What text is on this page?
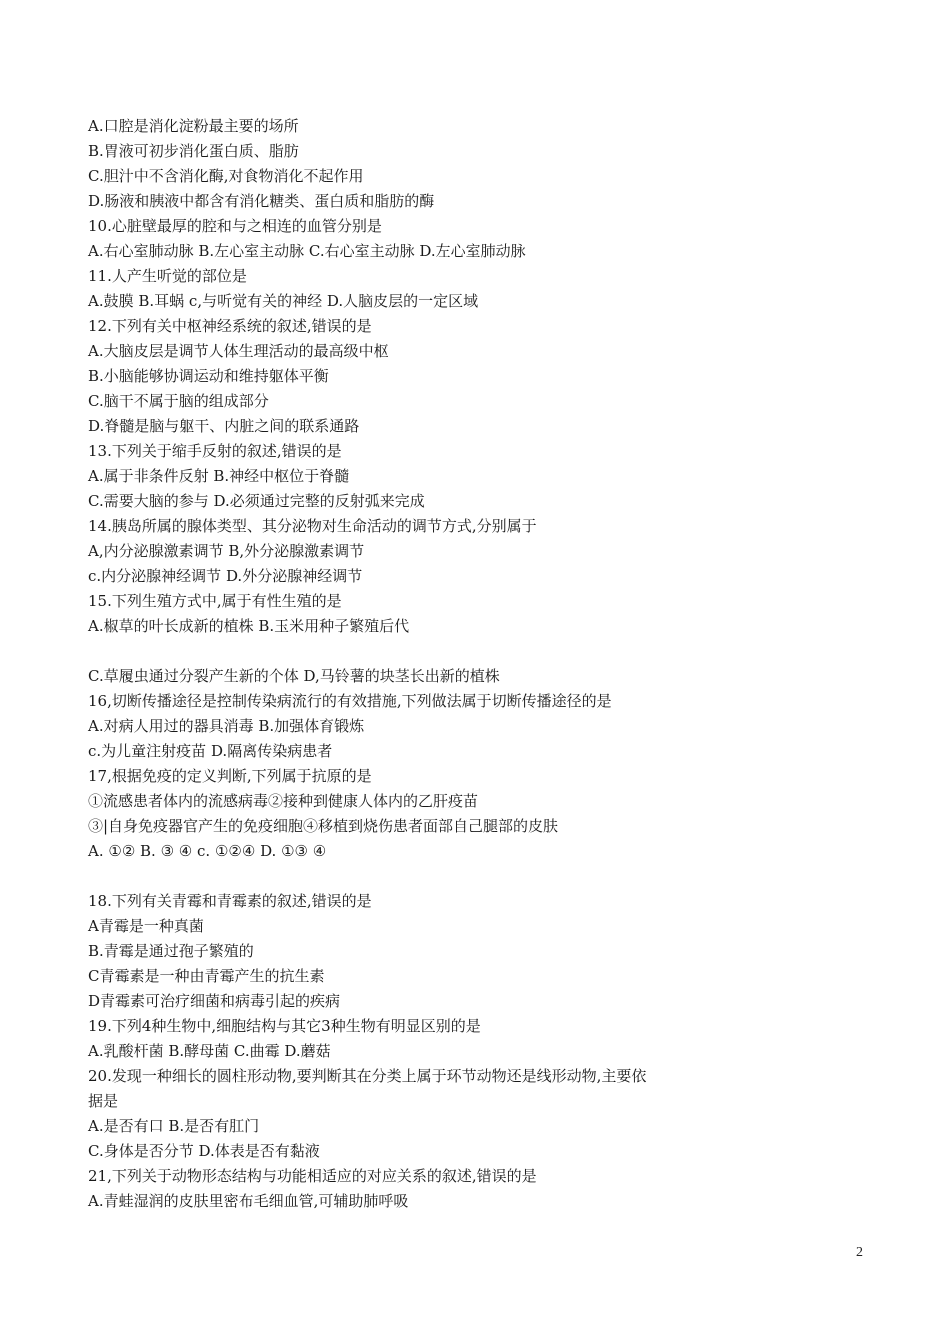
A.口腔是消化淀粉最主要的场所
B.胃液可初步消化蛋白质、脂肪
C.胆汁中不含消化酶,对食物消化不起作用
D.肠液和胰液中都含有消化糖类、蛋白质和脂肪的酶
10.心脏壁最厚的腔和与之相连的血管分别是
A.右心室肺动脉 B.左心室主动脉 C.右心室主动脉 D.左心室肺动脉
11.人产生听觉的部位是
A.鼓膜 B.耳蜗 c,与听觉有关的神经 D.人脑皮层的一定区域
12.下列有关中枢神经系统的叙述,错误的是
A.大脑皮层是调节人体生理活动的最高级中枢
B.小脑能够协调运动和维持躯体平衡
C.脑干不属于脑的组成部分
D.脊髓是脑与躯干、内脏之间的联系通路
13.下列关于缩手反射的叙述,错误的是
A.属于非条件反射 B.神经中枢位于脊髓
C.需要大脑的参与 D.必须通过完整的反射弧来完成
14.胰岛所属的腺体类型、其分泌物对生命活动的调节方式,分别属于
A,内分泌腺激素调节 B,外分泌腺激素调节
c.内分泌腺神经调节 D.外分泌腺神经调节
15.下列生殖方式中,属于有性生殖的是
A.椒草的叶长成新的植株 B.玉米用种子繁殖后代
C.草履虫通过分裂产生新的个体 D,马铃薯的块茎长出新的植株
16,切断传播途径是控制传染病流行的有效措施,下列做法属于切断传播途径的是
A.对病人用过的器具消毒 B.加强体育锻炼
c.为儿童注射疫苗 D.隔离传染病患者
17,根据免疫的定义判断,下列属于抗原的是
①流感患者体内的流感病毒②接种到健康人体内的乙肝疫苗
③|自身免疫器官产生的免疫细胞④移植到烧伤患者面部自己腿部的皮肤
A. ①② B. ③ ④ c. ①②④ D. ①③ ④
18.下列有关青霉和青霉素的叙述,错误的是
A青霉是一种真菌
B.青霉是通过孢子繁殖的
C青霉素是一种由青霉产生的抗生素
D青霉素可治疗细菌和病毒引起的疾病
19.下列4种生物中,细胞结构与其它3种生物有明显区别的是
A.乳酸杆菌 B.酵母菌 C.曲霉 D.蘑菇
20.发现一种细长的圆柱形动物,要判断其在分类上属于环节动物还是线形动物,主要依
据是
A.是否有口 B.是否有肛门
C.身体是否分节 D.体表是否有黏液
21,下列关于动物形态结构与功能相适应的对应关系的叙述,错误的是
A.青蛙湿润的皮肤里密布毛细血管,可辅助肺呼吸
2
